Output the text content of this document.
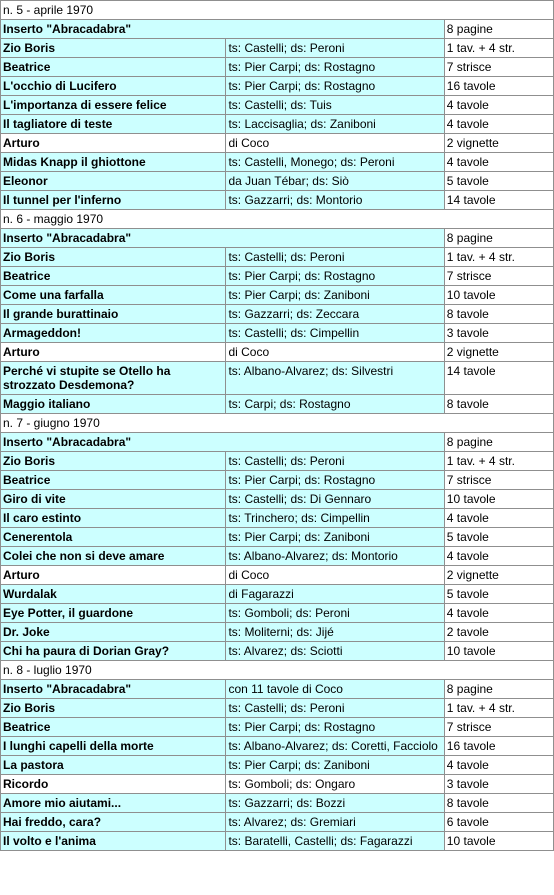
n. 5 - aprile 1970		
Inserto "Abracadabra"		8 pagine
Zio Boris	ts: Castelli; ds: Peroni	1 tav. + 4 str.
Beatrice	ts: Pier Carpi; ds: Rostagno	7 strisce
L'occhio di Lucifero	ts: Pier Carpi; ds: Rostagno	16 tavole
L'importanza di essere felice	ts: Castelli; ds: Tuis	4 tavole
Il tagliatore di teste	ts: Laccisaglia; ds: Zaniboni	4 tavole
Arturo	di Coco	2 vignette
Midas Knapp il ghiottone	ts: Castelli, Monego; ds: Peroni	4 tavole
Eleonor	da Juan Tébar; ds: Siò	5 tavole
Il tunnel per l'inferno	ts: Gazzarri; ds: Montorio	14 tavole
n. 6 - maggio 1970		
Inserto "Abracadabra"		8 pagine
Zio Boris	ts: Castelli; ds: Peroni	1 tav. + 4 str.
Beatrice	ts: Pier Carpi; ds: Rostagno	7 strisce
Come una farfalla	ts: Pier Carpi; ds: Zaniboni	10 tavole
Il grande burattinaio	ts: Gazzarri; ds: Zeccara	8 tavole
Armageddon!	ts: Castelli; ds: Cimpellin	3 tavole
Arturo	di Coco	2 vignette
Perché vi stupite se Otello ha strozzato Desdemona?	ts: Albano-Alvarez; ds: Silvestri	14 tavole
Maggio italiano	ts: Carpi; ds: Rostagno	8 tavole
n. 7 - giugno 1970		
Inserto "Abracadabra"		8 pagine
Zio Boris	ts: Castelli; ds: Peroni	1 tav. + 4 str.
Beatrice	ts: Pier Carpi; ds: Rostagno	7 strisce
Giro di vite	ts: Castelli; ds: Di Gennaro	10 tavole
Il caro estinto	ts: Trinchero; ds: Cimpellin	4 tavole
Cenerentola	ts: Pier Carpi; ds: Zaniboni	5 tavole
Colei che non si deve amare	ts: Albano-Alvarez; ds: Montorio	4 tavole
Arturo	di Coco	2 vignette
Wurdalak	di Fagarazzi	5 tavole
Eye Potter, il guardone	ts: Gomboli; ds: Peroni	4 tavole
Dr. Joke	ts: Moliterni; ds: Jijé	2 tavole
Chi ha paura di Dorian Gray?	ts: Alvarez; ds: Sciotti	10 tavole
n. 8 - luglio 1970		
Inserto "Abracadabra"	con 11 tavole di Coco	8 pagine
Zio Boris	ts: Castelli; ds: Peroni	1 tav. + 4 str.
Beatrice	ts: Pier Carpi; ds: Rostagno	7 strisce
I lunghi capelli della morte	ts: Albano-Alvarez; ds: Coretti, Facciolo	16 tavole
La pastora	ts: Pier Carpi; ds: Zaniboni	4 tavole
Ricordo	ts: Gomboli; ds: Ongaro	3 tavole
Amore mio aiutami...	ts: Gazzarri; ds: Bozzi	8 tavole
Hai freddo, cara?	ts: Alvarez; ds: Gremiari	6 tavole
Il volto e l'anima	ts: Baratelli, Castelli; ds: Fagarazzi	10 tavole
